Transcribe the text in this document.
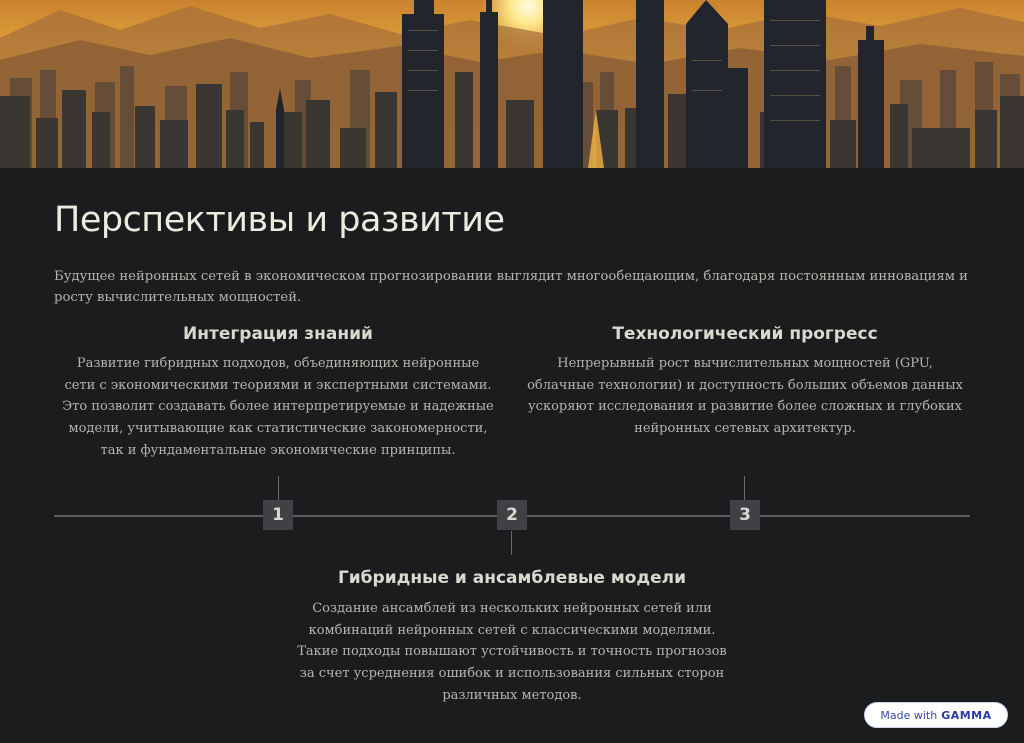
Перспективы и развитие

Будущее нейронных сетей в экономическом прогнозировании выглядит многообещающим, благодаря постоянным инновациям и росту вычислительных мощностей.

Интеграция знаний

Развитие гибридных подходов, объединяющих нейронные сети с экономическими теориями и экспертными системами. Это позволит создавать более интерпретируемые и надежные модели, учитывающие как статистические закономерности, так и фундаментальные экономические принципы.

Технологический прогресс

Непрерывный рост вычислительных мощностей (GPU, облачные технологии) и доступность больших объемов данных ускоряют исследования и развитие более сложных и глубоких нейронных сетевых архитектур.

1	2	3
Гибридные и ансамблевые модели

Создание ансамблей из нескольких нейронных сетей или комбинаций нейронных сетей с классическими моделями. Такие подходы повышают устойчивость и точность прогнозов за счет усреднения ошибок и использования сильных сторон различных методов.

Made with GAMMA
